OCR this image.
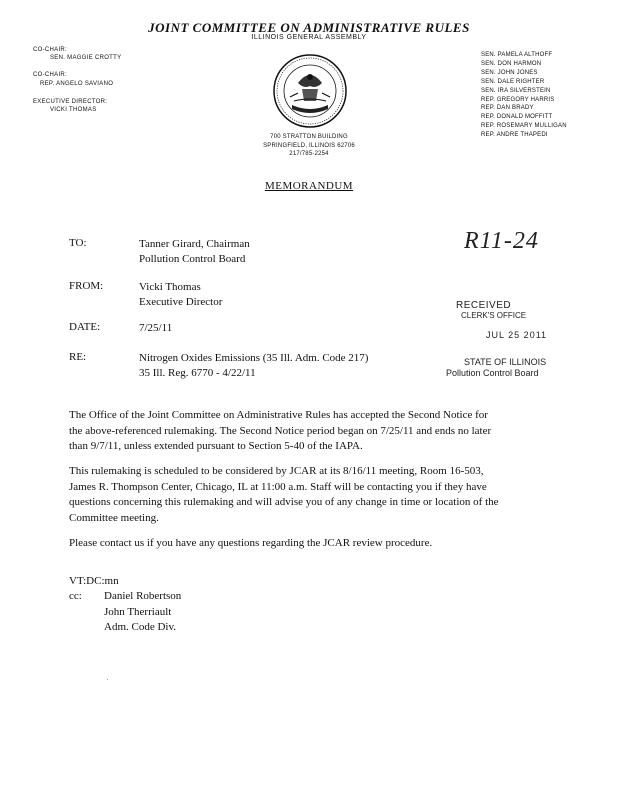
JOINT COMMITTEE ON ADMINISTRATIVE RULES
ILLINOIS GENERAL ASSEMBLY
CO-CHAIR:
SEN. MAGGIE CROTTY
CO-CHAIR:
REP. ANGELO SAVIANO
EXECUTIVE DIRECTOR:
VICKI THOMAS
SEN. PAMELA ALTHOFF
SEN. DON HARMON
SEN. JOHN JONES
SEN. DALE RIGHTER
SEN. IRA SILVERSTEIN
REP. GREGORY HARRIS
REP. DAN BRADY
REP. DONALD MOFFITT
REP. ROSEMARY MULLIGAN
REP. ANDRE THAPEDI
700 STRATTON BUILDING
SPRINGFIELD, ILLINOIS 62706
217/785-2254
MEMORANDUM
TO:	Tanner Girard, Chairman
Pollution Control Board
FROM:	Vicki Thomas
Executive Director
DATE:	7/25/11
RE:	Nitrogen Oxides Emissions (35 Ill. Adm. Code 217)
35 Ill. Reg. 6770 - 4/22/11
R11-24
RECEIVED
CLERK'S OFFICE
JUL 25 2011
STATE OF ILLINOIS
Pollution Control Board
The Office of the Joint Committee on Administrative Rules has accepted the Second Notice for
the above-referenced rulemaking. The Second Notice period began on 7/25/11 and ends no later
than 9/7/11, unless extended pursuant to Section 5-40 of the IAPA.
This rulemaking is scheduled to be considered by JCAR at its 8/16/11 meeting, Room 16-503,
James R. Thompson Center, Chicago, IL at 11:00 a.m. Staff will be contacting you if they have
questions concerning this rulemaking and will advise you of any change in time or location of the
Committee meeting.
Please contact us if you have any questions regarding the JCAR review procedure.
VT:DC:mn
cc: Daniel Robertson
John Therriault
Adm. Code Div.
.
